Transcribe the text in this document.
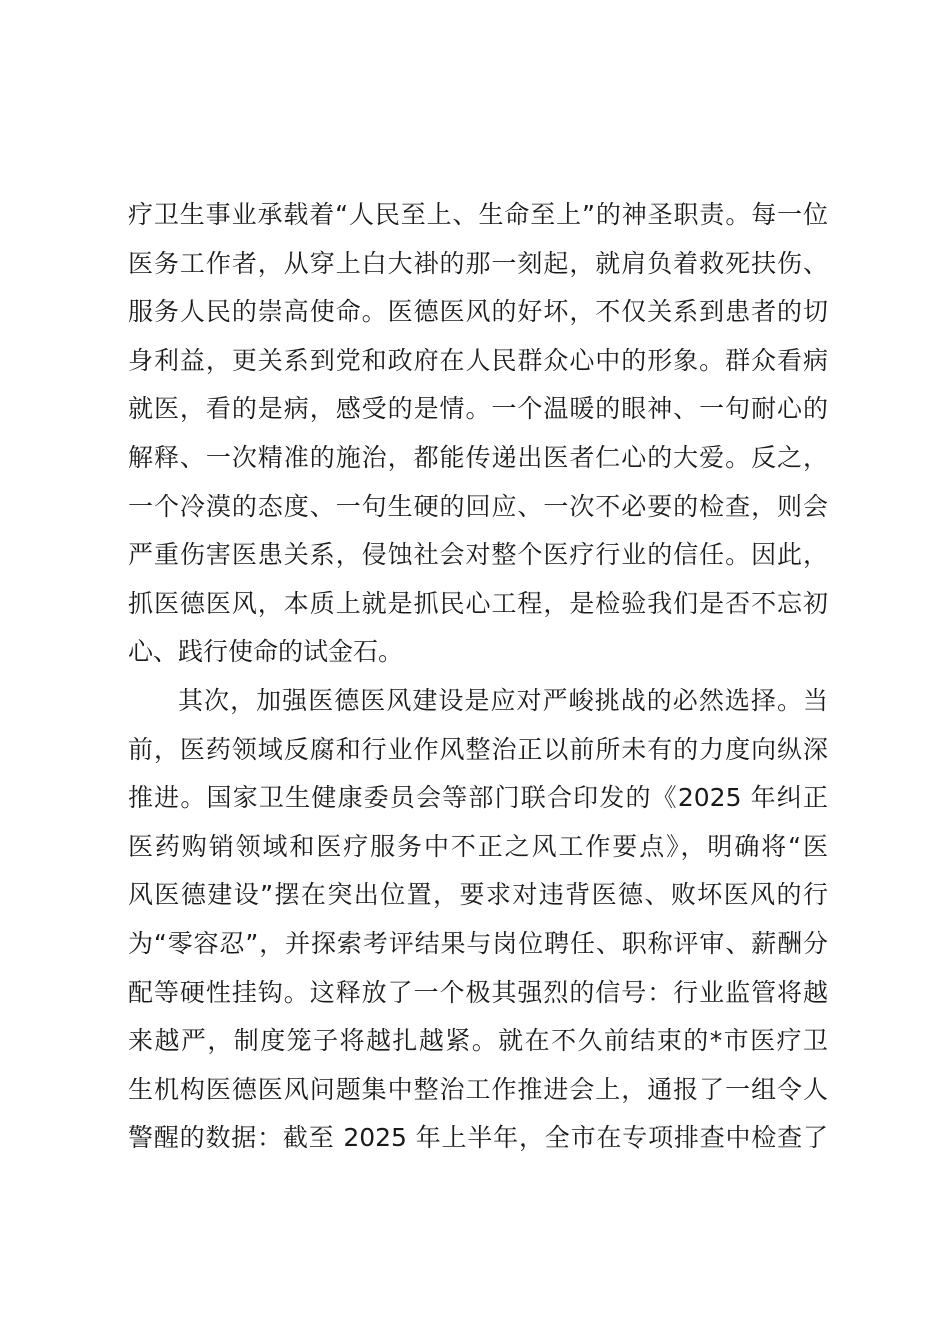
疗卫生事业承载着“人民至上、生命至上”的神圣职责。每一位
医务工作者，从穿上白大褂的那一刻起，就肩负着救死扶伤、
服务人民的崇高使命。医德医风的好坏，不仅关系到患者的切
身利益，更关系到党和政府在人民群众心中的形象。群众看病
就医，看的是病，感受的是情。一个温暖的眼神、一句耐心的
解释、一次精准的施治，都能传递出医者仁心的大爱。反之，
一个冷漠的态度、一句生硬的回应、一次不必要的检查，则会
严重伤害医患关系，侵蚀社会对整个医疗行业的信任。因此，
抓医德医风，本质上就是抓民心工程，是检验我们是否不忘初
心、践行使命的试金石。
其次，加强医德医风建设是应对严峻挑战的必然选择。当
前，医药领域反腐和行业作风整治正以前所未有的力度向纵深
推进。国家卫生健康委员会等部门联合印发的《2025 年纠正
医药购销领域和医疗服务中不正之风工作要点》，明确将“医
风医德建设”摆在突出位置，要求对违背医德、败坏医风的行
为“零容忍”，并探索考评结果与岗位聘任、职称评审、薪酬分
配等硬性挂钩。这释放了一个极其强烈的信号：行业监管将越
来越严，制度笼子将越扎越紧。就在不久前结束的*市医疗卫
生机构医德医风问题集中整治工作推进会上，通报了一组令人
警醒的数据：截至 2025 年上半年，全市在专项排查中检查了
